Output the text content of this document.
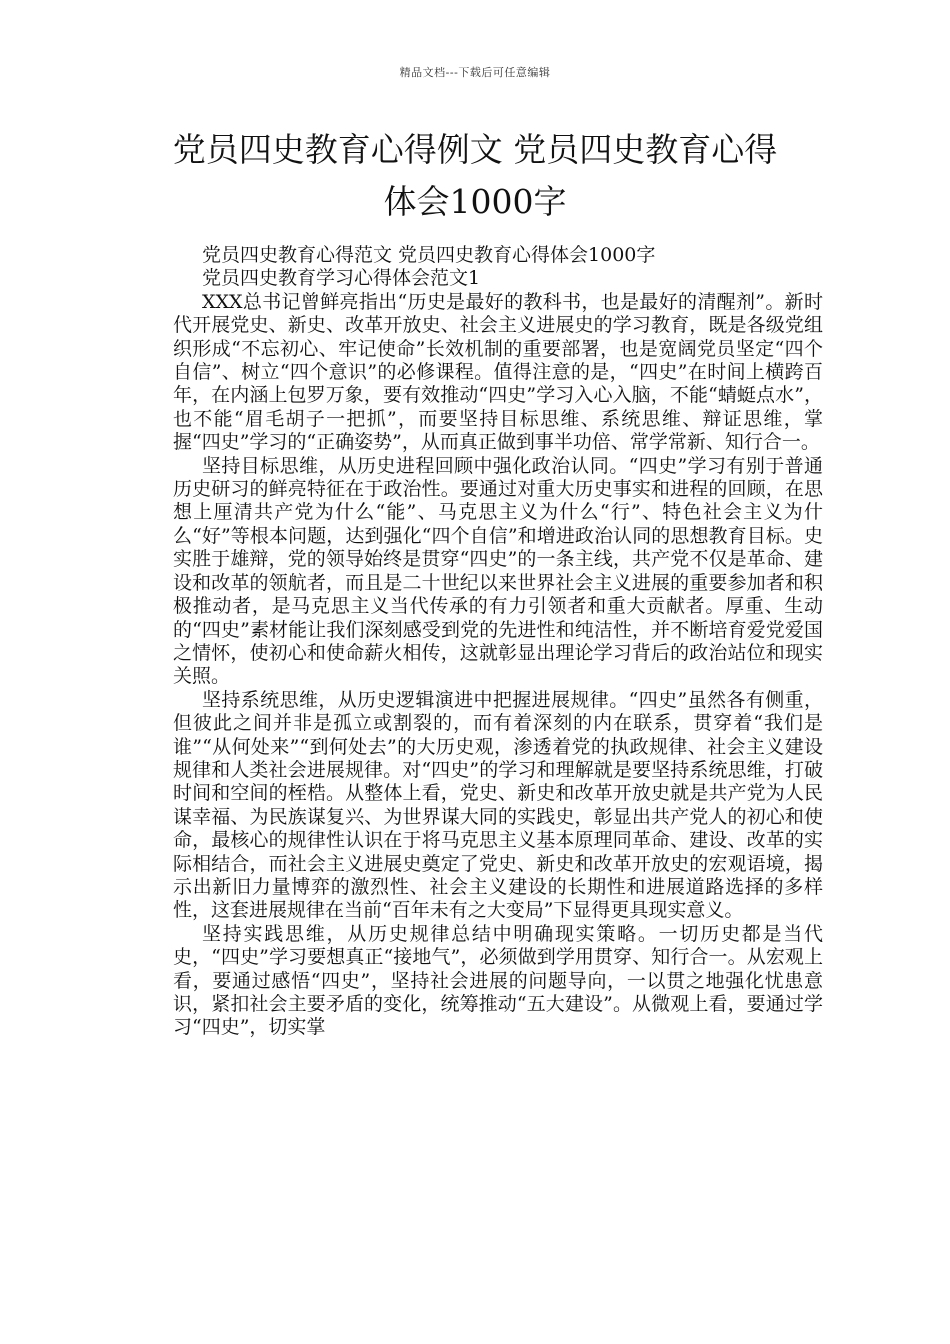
精品文档---下载后可任意编辑
党员四史教育心得例文 党员四史教育心得
体会1000字

党员四史教育心得范文 党员四史教育心得体会1000字

党员四史教育学习心得体会范文1

XXX总书记曾鲜亮指出“历史是最好的教科书，也是最好的清醒剂”。新时代开展党史、新史、改革开放史、社会主义进展史的学习教育，既是各级党组织形成“不忘初心、牢记使命”长效机制的重要部署，也是宽阔党员坚定“四个自信”、树立“四个意识”的必修课程。值得注意的是，“四史”在时间上横跨百年，在内涵上包罗万象，要有效推动“四史”学习入心入脑，不能“蜻蜓点水”，也不能“眉毛胡子一把抓”，而要坚持目标思维、系统思维、辩证思维，掌握“四史”学习的“正确姿势”，从而真正做到事半功倍、常学常新、知行合一。

坚持目标思维，从历史进程回顾中强化政治认同。“四史”学习有别于普通历史研习的鲜亮特征在于政治性。要通过对重大历史事实和进程的回顾，在思想上厘清共产党为什么“能”、马克思主义为什么“行”、特色社会主义为什么“好”等根本问题，达到强化“四个自信”和增进政治认同的思想教育目标。史实胜于雄辩，党的领导始终是贯穿“四史”的一条主线，共产党不仅是革命、建设和改革的领航者，而且是二十世纪以来世界社会主义进展的重要参加者和积极推动者，是马克思主义当代传承的有力引领者和重大贡献者。厚重、生动的“四史”素材能让我们深刻感受到党的先进性和纯洁性，并不断培育爱党爱国之情怀，使初心和使命薪火相传，这就彰显出理论学习背后的政治站位和现实关照。

坚持系统思维，从历史逻辑演进中把握进展规律。“四史”虽然各有侧重，但彼此之间并非是孤立或割裂的，而有着深刻的内在联系，贯穿着“我们是谁”“从何处来”“到何处去”的大历史观，渗透着党的执政规律、社会主义建设规律和人类社会进展规律。对“四史”的学习和理解就是要坚持系统思维，打破时间和空间的桎梏。从整体上看，党史、新史和改革开放史就是共产党为人民谋幸福、为民族谋复兴、为世界谋大同的实践史，彰显出共产党人的初心和使命，最核心的规律性认识在于将马克思主义基本原理同革命、建设、改革的实际相结合，而社会主义进展史奠定了党史、新史和改革开放史的宏观语境，揭示出新旧力量博弈的激烈性、社会主义建设的长期性和进展道路选择的多样性，这套进展规律在当前“百年未有之大变局”下显得更具现实意义。

坚持实践思维，从历史规律总结中明确现实策略。一切历史都是当代史，“四史”学习要想真正“接地气”，必须做到学用贯穿、知行合一。从宏观上看，要通过感悟“四史”，坚持社会进展的问题导向，一以贯之地强化忧患意识，紧扣社会主要矛盾的变化，统筹推动“五大建设”。从微观上看，要通过学习“四史”，切实掌
